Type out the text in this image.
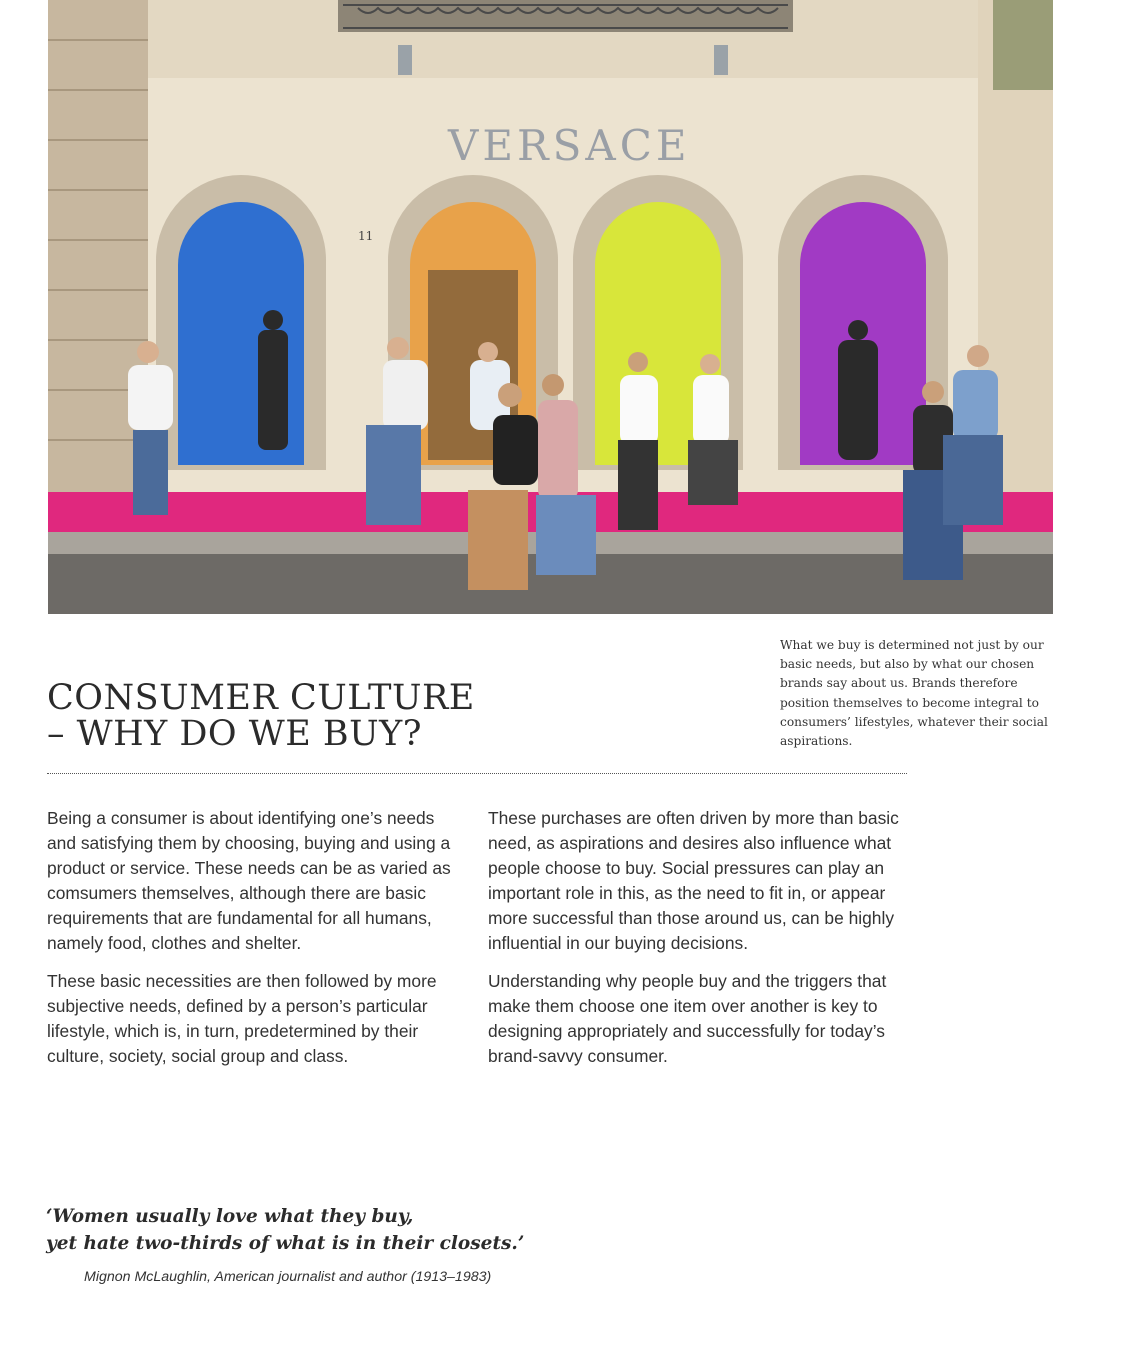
VERSACE
11
What we buy is determined not just by our basic needs, but also by what our chosen brands say about us. Brands therefore position themselves to become integral to consumers’ lifestyles, whatever their social aspirations.
CONSUMER CULTURE
– WHY DO WE BUY?

Being a consumer is about identifying one’s needs and satisfying them by choosing, buying and using a product or service. These needs can be as varied as comsumers themselves, although there are basic requirements that are fundamental for all humans, namely food, clothes and shelter.

These basic necessities are then followed by more subjective needs, defined by a person’s particular lifestyle, which is, in turn, predetermined by their culture, society, social group and class.

These purchases are often driven by more than basic need, as aspirations and desires also influence what people choose to buy. Social pressures can play an important role in this, as the need to fit in, or appear more successful than those around us, can be highly influential in our buying decisions.

Understanding why people buy and the triggers that make them choose one item over another is key to designing appropriately and successfully for today’s brand-savvy consumer.

‘Women usually love what they buy,
yet hate two-thirds of what is in their closets.’
Mignon McLaughlin, American journalist and author (1913–1983)
